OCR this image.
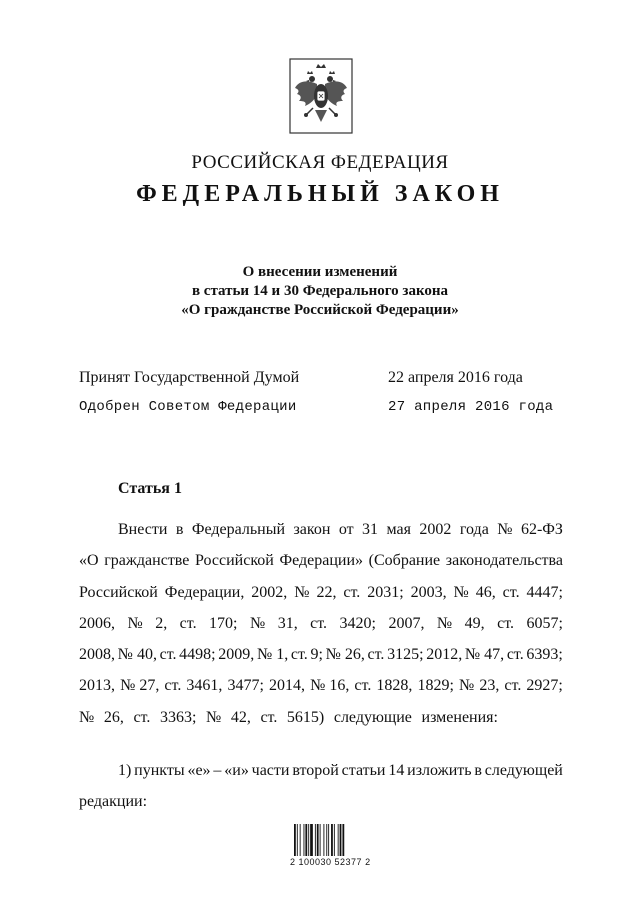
РОССИЙСКАЯ ФЕДЕРАЦИЯ
ФЕДЕРАЛЬНЫЙ ЗАКОН
О внесении изменений
в статьи 14 и 30 Федерального закона
«О гражданстве Российской Федерации»
Принят Государственной Думой	22 апреля 2016 года
Одобрен Советом Федерации	27 апреля 2016 года
Статья 1
Внести в Федеральный закон от 31 мая 2002 года № 62-ФЗ
«О гражданстве Российской Федерации» (Собрание законодательства
Российской Федерации, 2002, № 22, ст. 2031; 2003, № 46, ст. 4447;
2006, № 2, ст. 170; № 31, ст. 3420; 2007, № 49, ст. 6057;
2008, № 40, ст. 4498; 2009, № 1, ст. 9; № 26, ст. 3125; 2012, № 47, ст. 6393;
2013, № 27, ст. 3461, 3477; 2014, № 16, ст. 1828, 1829; № 23, ст. 2927;
№ 26, ст. 3363; № 42, ст. 5615) следующие изменения:
1) пункты «е» – «и» части второй статьи 14 изложить в следующей
редакции:
2 100030 52377 2
